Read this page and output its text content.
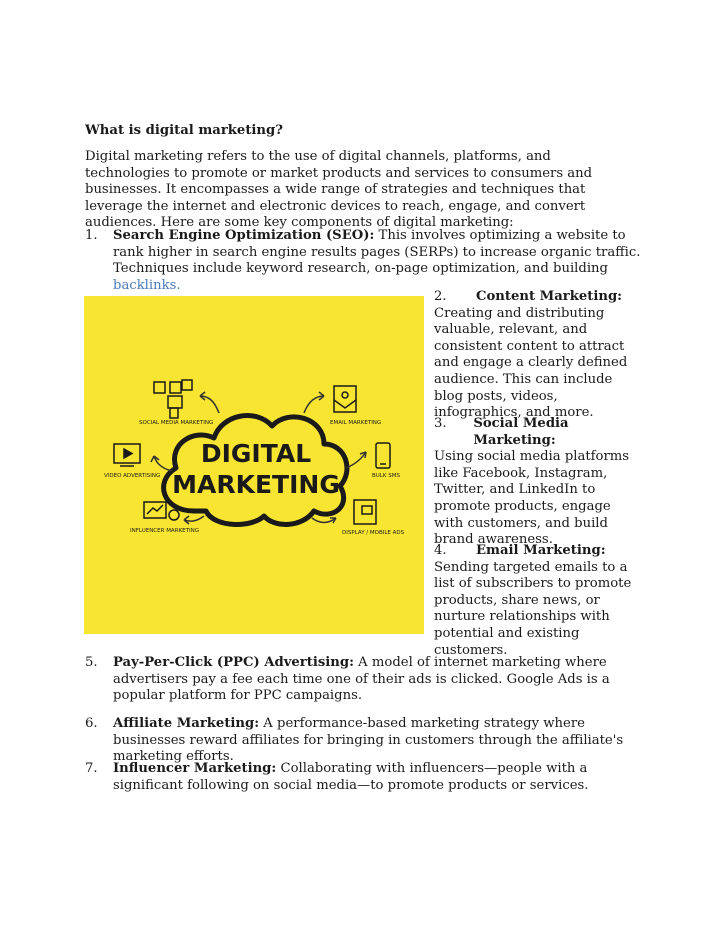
What is digital marketing?
Digital marketing refers to the use of digital channels, platforms, and technologies to promote or market products and services to consumers and businesses. It encompasses a wide range of strategies and techniques that leverage the internet and electronic devices to reach, engage, and convert audiences. Here are some key components of digital marketing:
1. Search Engine Optimization (SEO): This involves optimizing a website to rank higher in search engine results pages (SERPs) to increase organic traffic. Techniques include keyword research, on-page optimization, and building backlinks.
DIGITAL
MARKETING
SOCIAL MEDIA MARKETING	EMAIL MARKETING
VIDEO ADVERTISING	BULK SMS
INFLUENCER MARKETING	DISPLAY / MOBILE ADS
2.	Content Marketing:
Creating and distributing valuable, relevant, and consistent content to attract and engage a clearly defined audience. This can include blog posts, videos, infographics, and more.
3.	Social Media Marketing:
Using social media platforms like Facebook, Instagram, Twitter, and LinkedIn to promote products, engage with customers, and build brand awareness.
4.	Email Marketing:
Sending targeted emails to a list of subscribers to promote products, share news, or nurture relationships with potential and existing customers.
5. Pay-Per-Click (PPC) Advertising: A model of internet marketing where advertisers pay a fee each time one of their ads is clicked. Google Ads is a popular platform for PPC campaigns.
6. Affiliate Marketing: A performance-based marketing strategy where businesses reward affiliates for bringing in customers through the affiliate's marketing efforts.
7. Influencer Marketing: Collaborating with influencers—people with a significant following on social media—to promote products or services.
